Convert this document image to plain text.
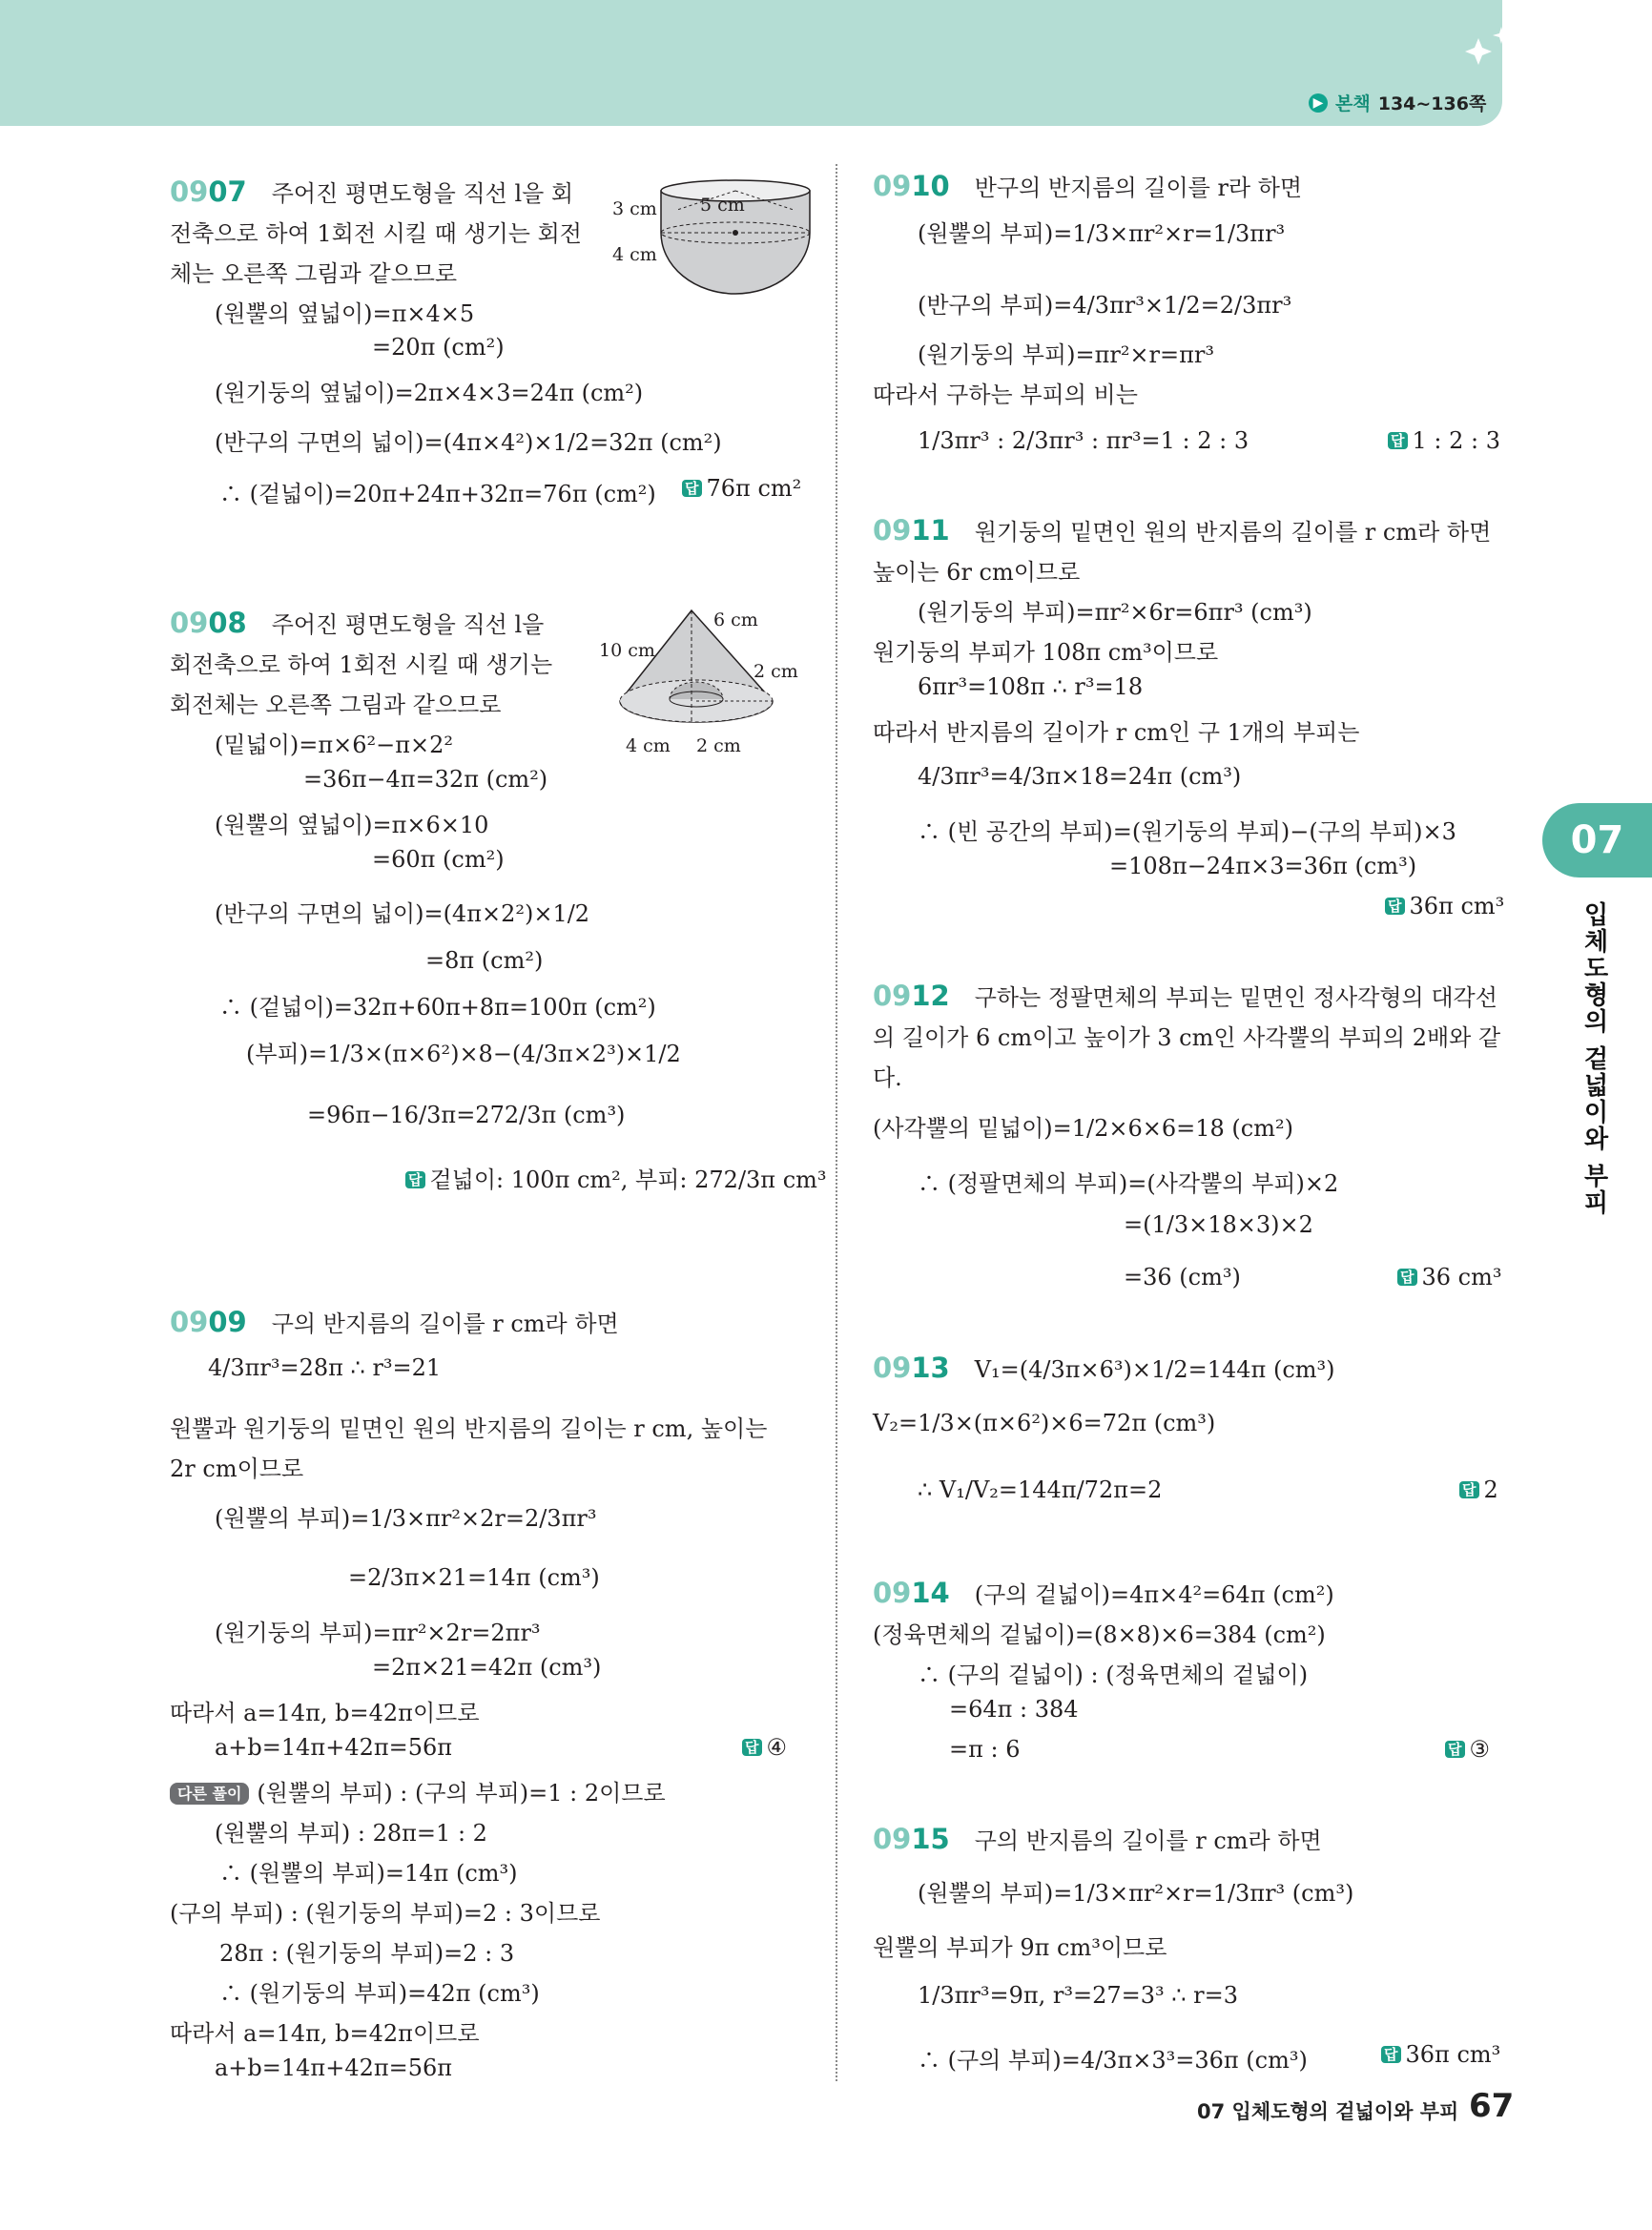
▶ 본책 134~136쪽
07
입체도형의 겉넓이와 부피
3 cm 5 cm
4 cm
10 cm
6 cm
2 cm
4 cm 2 cm
0907 주어진 평면도형을 직선 l을 회
전축으로 하여 1회전 시킬 때 생기는 회전
체는 오른쪽 그림과 같으므로
(원뿔의 옆넓이)=π×4×5
=20π (cm²)
(원기둥의 옆넓이)=2π×4×3=24π (cm²)
(반구의 구면의 넓이)=(4π×4²)×1/2=32π (cm²)
∴ (겉넓이)=20π+24π+32π=76π (cm²) 답 76π cm²
0908 주어진 평면도형을 직선 l을
회전축으로 하여 1회전 시킬 때 생기는
회전체는 오른쪽 그림과 같으므로
(밑넓이)=π×6²−π×2²
=36π−4π=32π (cm²)
(원뿔의 옆넓이)=π×6×10
=60π (cm²)
(반구의 구면의 넓이)=(4π×2²)×1/2
=8π (cm²)
∴ (겉넓이)=32π+60π+8π=100π (cm²)
(부피)=1/3×(π×6²)×8−(4/3π×2³)×1/2
=96π−16/3π=272/3π (cm³)
답 겉넓이: 100π cm², 부피: 272/3π cm³
0909 구의 반지름의 길이를 r cm라 하면
4/3πr³=28π ∴ r³=21
원뿔과 원기둥의 밑면인 원의 반지름의 길이는 r cm, 높이는
2r cm이므로
(원뿔의 부피)=1/3×πr²×2r=2/3πr³
=2/3π×21=14π (cm³)
(원기둥의 부피)=πr²×2r=2πr³
=2π×21=42π (cm³)
따라서 a=14π, b=42π이므로
a+b=14π+42π=56π	답 ④
다른 풀이 (원뿔의 부피) : (구의 부피)=1 : 2이므로
(원뿔의 부피) : 28π=1 : 2
∴ (원뿔의 부피)=14π (cm³)
(구의 부피) : (원기둥의 부피)=2 : 3이므로
28π : (원기둥의 부피)=2 : 3
∴ (원기둥의 부피)=42π (cm³)
따라서 a=14π, b=42π이므로
a+b=14π+42π=56π
0910 반구의 반지름의 길이를 r라 하면
(원뿔의 부피)=1/3×πr²×r=1/3πr³
(반구의 부피)=4/3πr³×1/2=2/3πr³
(원기둥의 부피)=πr²×r=πr³
따라서 구하는 부피의 비는
1/3πr³ : 2/3πr³ : πr³=1 : 2 : 3	답 1 : 2 : 3
0911 원기둥의 밑면인 원의 반지름의 길이를 r cm라 하면
높이는 6r cm이므로
(원기둥의 부피)=πr²×6r=6πr³ (cm³)
원기둥의 부피가 108π cm³이므로
6πr³=108π ∴ r³=18
따라서 반지름의 길이가 r cm인 구 1개의 부피는
4/3πr³=4/3π×18=24π (cm³)
∴ (빈 공간의 부피)=(원기둥의 부피)−(구의 부피)×3
=108π−24π×3=36π (cm³)
답 36π cm³
0912 구하는 정팔면체의 부피는 밑면인 정사각형의 대각선
의 길이가 6 cm이고 높이가 3 cm인 사각뿔의 부피의 2배와 같
다.
(사각뿔의 밑넓이)=1/2×6×6=18 (cm²)
∴ (정팔면체의 부피)=(사각뿔의 부피)×2
=(1/3×18×3)×2
=36 (cm³)	답 36 cm³
0913 V₁=(4/3π×6³)×1/2=144π (cm³)
V₂=1/3×(π×6²)×6=72π (cm³)
∴ V₁/V₂=144π/72π=2	답 2
0914 (구의 겉넓이)=4π×4²=64π (cm²)
(정육면체의 겉넓이)=(8×8)×6=384 (cm²)
∴ (구의 겉넓이) : (정육면체의 겉넓이)
=64π : 384
=π : 6	답 ③
0915 구의 반지름의 길이를 r cm라 하면
(원뿔의 부피)=1/3×πr²×r=1/3πr³ (cm³)
원뿔의 부피가 9π cm³이므로
1/3πr³=9π, r³=27=3³ ∴ r=3
∴ (구의 부피)=4/3π×3³=36π (cm³)	답 36π cm³
07 입체도형의 겉넓이와 부피 67
